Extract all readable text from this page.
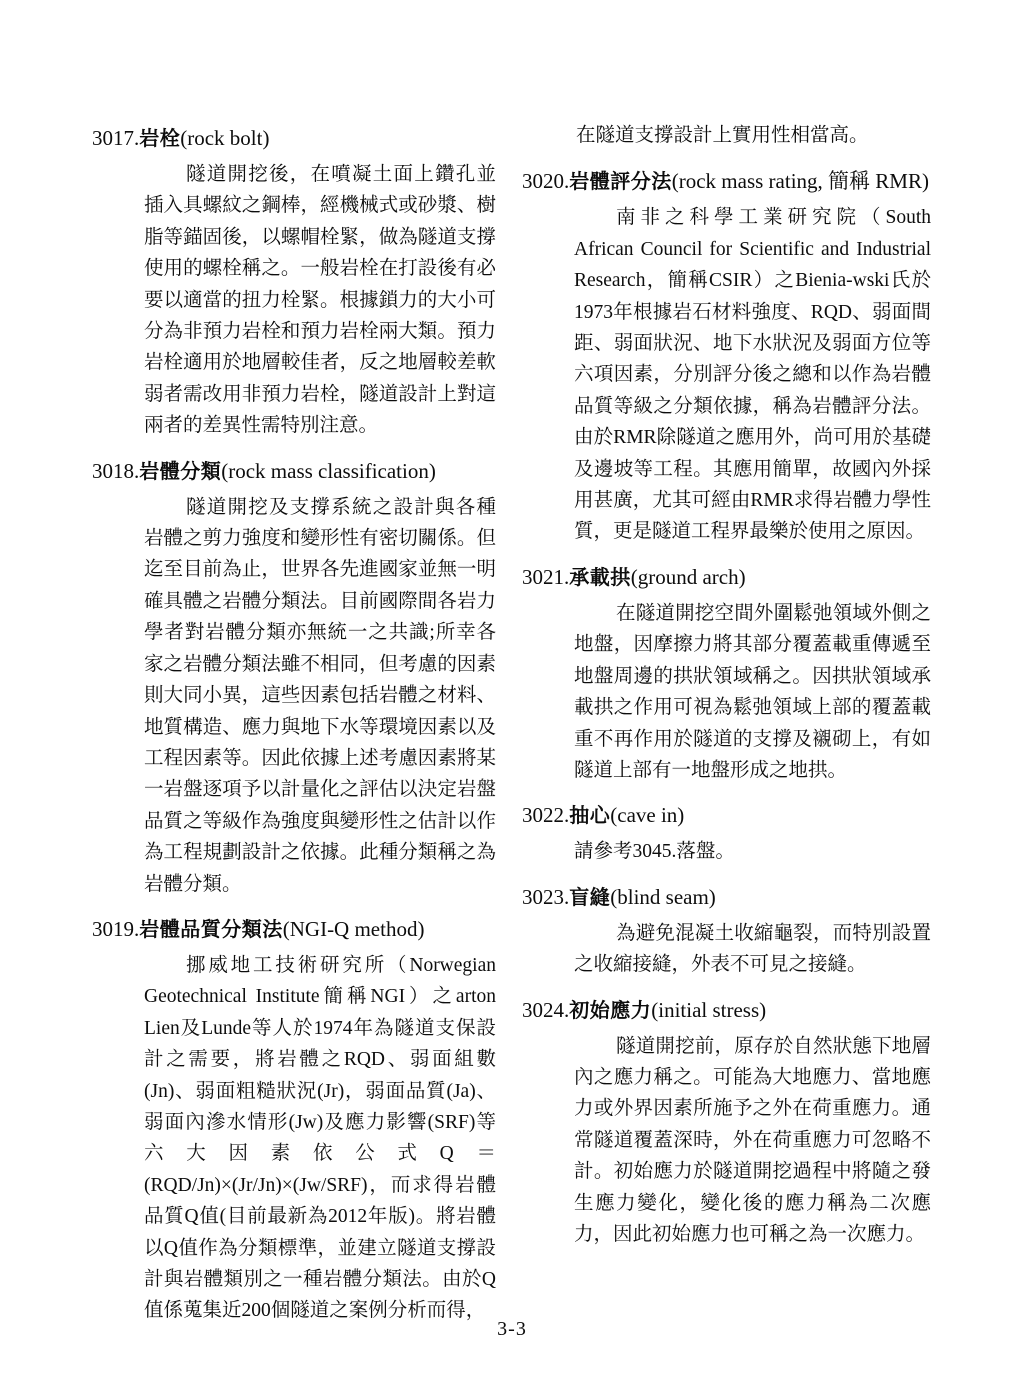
3017.岩栓(rock bolt)

隧道開挖後，在噴凝土面上鑽孔並插入具螺紋之鋼棒，經機械式或砂漿、樹脂等錨固後，以螺帽栓緊，做為隧道支撐使用的螺栓稱之。一般岩栓在打設後有必要以適當的扭力栓緊。根據鎖力的大小可分為非預力岩栓和預力岩栓兩大類。預力岩栓適用於地層較佳者，反之地層較差軟弱者需改用非預力岩栓，隧道設計上對這兩者的差異性需特別注意。

3018.岩體分類(rock mass classification)

隧道開挖及支撐系統之設計與各種岩體之剪力強度和變形性有密切關係。但迄至目前為止，世界各先進國家並無一明確具體之岩體分類法。目前國際間各岩力學者對岩體分類亦無統一之共識;所幸各家之岩體分類法雖不相同，但考慮的因素則大同小異，這些因素包括岩體之材料、地質構造、應力與地下水等環境因素以及工程因素等。因此依據上述考慮因素將某一岩盤逐項予以計量化之評估以決定岩盤品質之等級作為強度與變形性之估計以作為工程規劃設計之依據。此種分類稱之為岩體分類。

3019.岩體品質分類法(NGI-Q method)

挪威地工技術研究所（Norwegian Geotechnical Institute簡稱NGI）之arton Lien及Lunde等人於1974年為隧道支保設計之需要，將岩體之RQD、弱面組數(Jn)、弱面粗糙狀況(Jr)，弱面品質(Ja)、弱面內滲水情形(Jw)及應力影響(SRF)等六大因素依公式Q＝(RQD/Jn)×(Jr/Jn)×(Jw/SRF)，而求得岩體品質Q值(目前最新為2012年版)。將岩體以Q值作為分類標準，並建立隧道支撐設計與岩體類別之一種岩體分類法。由於Q值係蒐集近200個隧道之案例分析而得，

在隧道支撐設計上實用性相當高。

3020.岩體評分法(rock mass rating, 簡稱 RMR)

南非之科學工業研究院（South African Council for Scientific and Industrial Research，簡稱CSIR）之Bienia-wski氏於1973年根據岩石材料強度、RQD、弱面間距、弱面狀況、地下水狀況及弱面方位等六項因素，分別評分後之總和以作為岩體品質等級之分類依據，稱為岩體評分法。由於RMR除隧道之應用外，尚可用於基礎及邊坡等工程。其應用簡單，故國內外採用甚廣，尤其可經由RMR求得岩體力學性質，更是隧道工程界最樂於使用之原因。

3021.承載拱(ground arch)

在隧道開挖空間外圍鬆弛領域外側之地盤，因摩擦力將其部分覆蓋載重傳遞至地盤周邊的拱狀領域稱之。因拱狀領域承載拱之作用可視為鬆弛領域上部的覆蓋載重不再作用於隧道的支撐及襯砌上，有如隧道上部有一地盤形成之地拱。

3022.抽心(cave in)

請參考3045.落盤。

3023.盲縫(blind seam)

為避免混凝土收縮龜裂，而特別設置之收縮接縫，外表不可見之接縫。

3024.初始應力(initial stress)

隧道開挖前，原存於自然狀態下地層內之應力稱之。可能為大地應力、當地應力或外界因素所施予之外在荷重應力。通常隧道覆蓋深時，外在荷重應力可忽略不計。初始應力於隧道開挖過程中將隨之發生應力變化，變化後的應力稱為二次應力，因此初始應力也可稱之為一次應力。

3-3
